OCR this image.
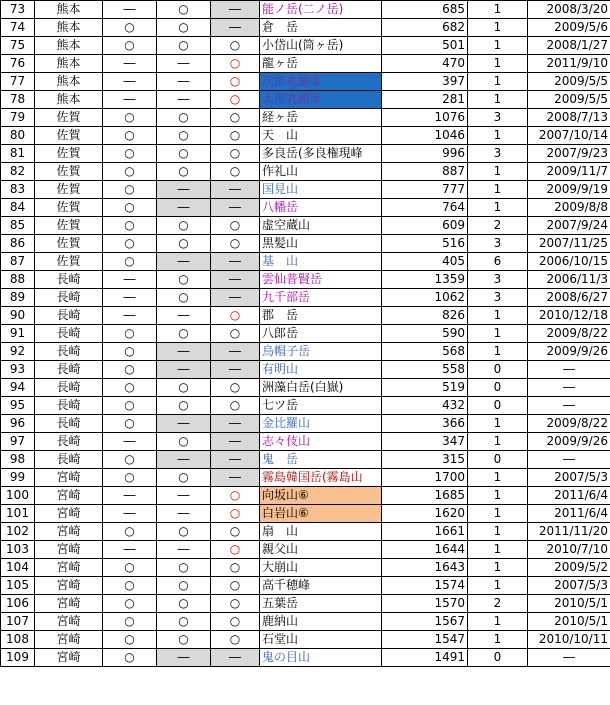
73	熊本	―	○	―	能ノ岳(二ノ岳)	685	1	2008/3/20
74	熊本	○	○	―	倉　岳	682	1	2009/5/6
75	熊本	○	○	○	小岱山(筒ヶ岳)	501	1	2008/1/27
76	熊本	―	―	○	龍ヶ岳	470	1	2011/9/10
77	熊本	―	―	○	次郎丸嶽⑤	397	1	2009/5/5
78	熊本	―	―	○	太郎丸嶽⑤	281	1	2009/5/5
79	佐賀	○	○	○	経ヶ岳	1076	3	2008/7/13
80	佐賀	○	○	○	天　山	1046	1	2007/10/14
81	佐賀	○	○	○	多良岳(多良権現峰	996	3	2007/9/23
82	佐賀	○	○	○	作礼山	887	1	2009/11/7
83	佐賀	○	―	―	国見山	777	1	2009/9/19
84	佐賀	○	―	―	八幡岳	764	1	2009/8/8
85	佐賀	○	○	○	虚空蔵山	609	2	2007/9/24
86	佐賀	○	○	○	黒髪山	516	3	2007/11/25
87	佐賀	○	―	―	基　山	405	6	2006/10/15
88	長崎	―	○	―	雲仙普賢岳	1359	3	2006/11/3
89	長崎	―	○	―	九千部岳	1062	3	2008/6/27
90	長崎	―	―	○	郡　岳	826	1	2010/12/18
91	長崎	○	○	○	八郎岳	590	1	2009/8/22
92	長崎	○	―	―	烏帽子岳	568	1	2009/9/26
93	長崎	○	―	―	有明山	558	0	―
94	長崎	○	○	○	洲藻白岳(白嶽)	519	0	―
95	長崎	○	○	○	七ツ岳	432	0	―
96	長崎	○	―	―	金比羅山	366	1	2009/8/22
97	長崎	―	○	―	志々伎山	347	1	2009/9/26
98	長崎	○	―	―	鬼　岳	315	0	―
99	宮崎	○	○	―	霧島韓国岳(霧島山	1700	1	2007/5/3
100	宮崎	―	―	○	向坂山⑥	1685	1	2011/6/4
101	宮崎	―	―	○	白岩山⑥	1620	1	2011/6/4
102	宮崎	○	○	○	扇　山	1661	1	2011/11/20
103	宮崎	―	―	○	親父山	1644	1	2010/7/10
104	宮崎	○	○	○	大崩山	1643	1	2009/5/2
105	宮崎	○	○	○	高千穂峰	1574	1	2007/5/3
106	宮崎	○	○	○	五葉岳	1570	2	2010/5/1
107	宮崎	○	○	○	鹿納山	1567	1	2010/5/1
108	宮崎	○	○	○	石堂山	1547	1	2010/10/11
109	宮崎	○	―	―	鬼の目山	1491	0	―
